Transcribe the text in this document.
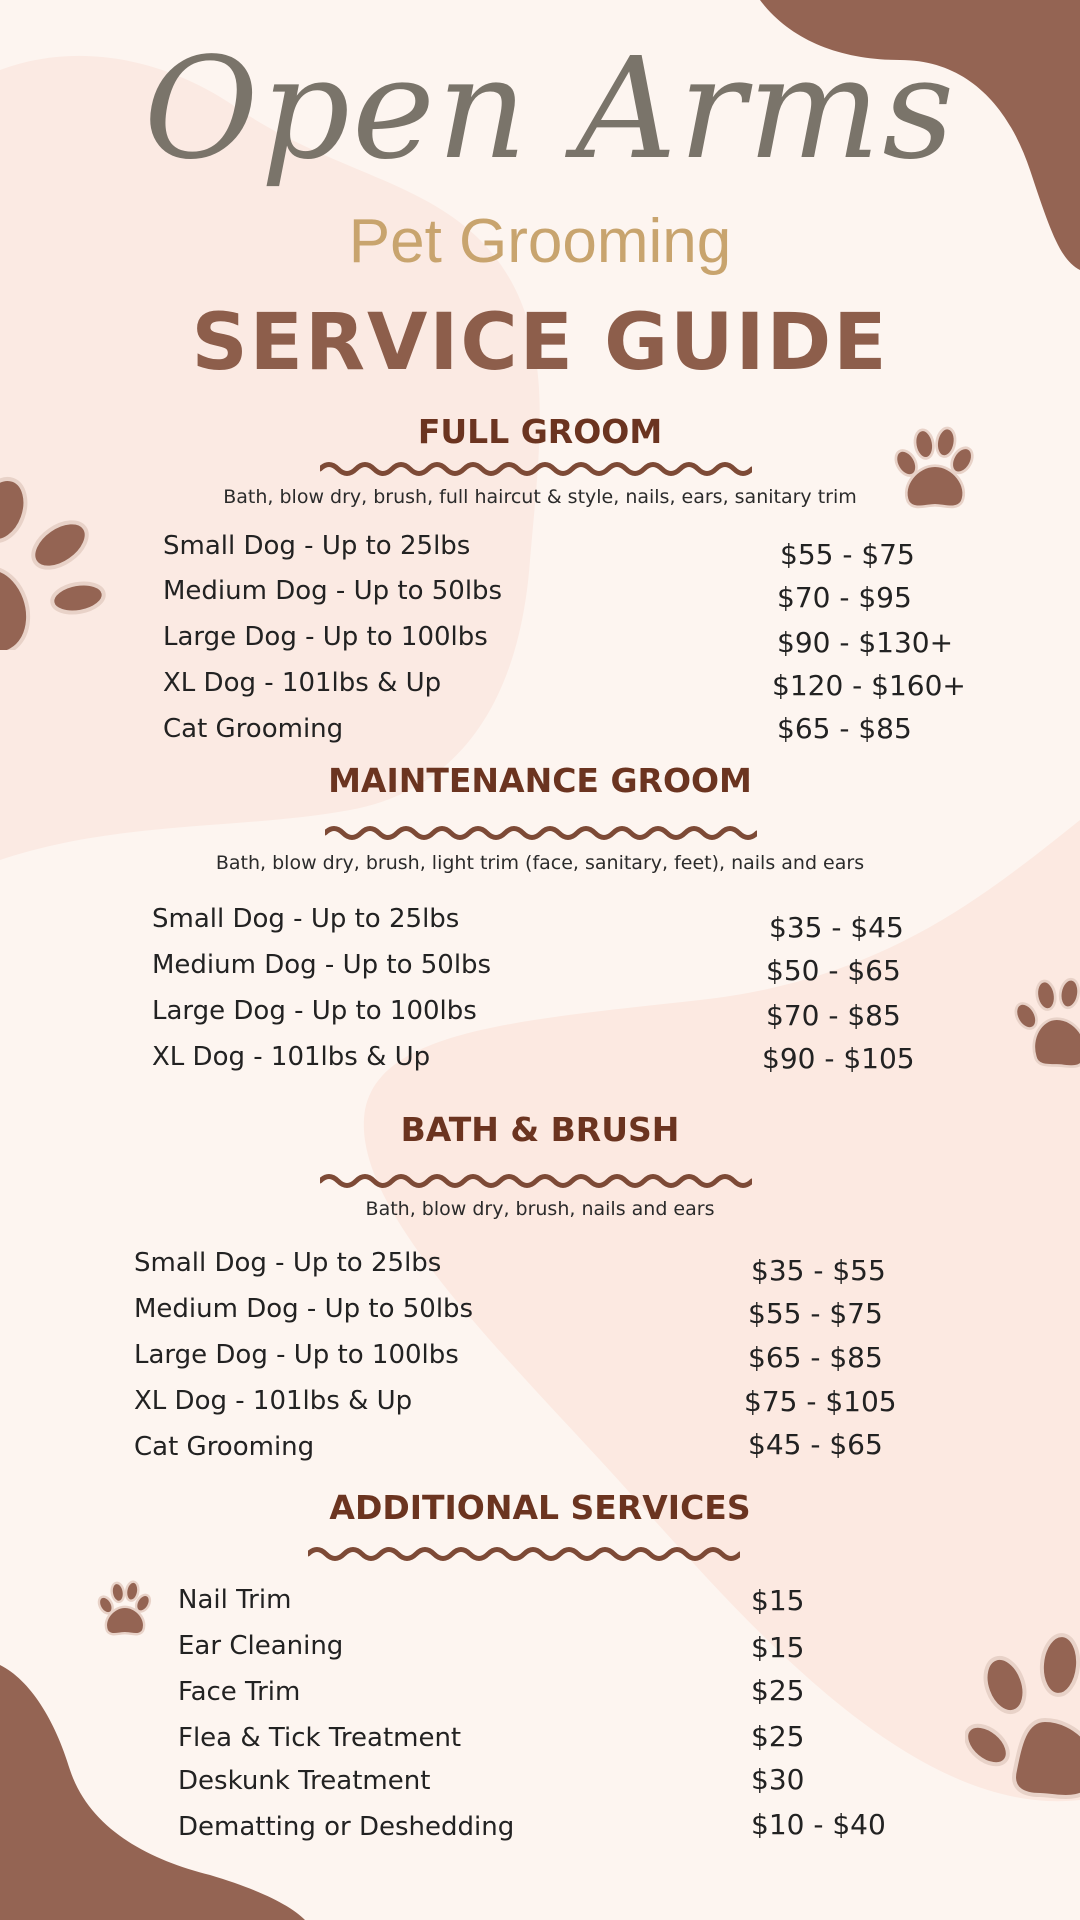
Open Arms
Pet Grooming
SERVICE GUIDE
FULL GROOM
Bath, blow dry, brush, full haircut & style, nails, ears, sanitary trim
Small Dog - Up to 25lbs	$55 - $75
Medium Dog - Up to 50lbs	$70 - $95
Large Dog - Up to 100lbs	$90 - $130+
XL Dog - 101lbs & Up	$120 - $160+
Cat Grooming	$65 - $85
MAINTENANCE GROOM
Bath, blow dry, brush, light trim (face, sanitary, feet), nails and ears
Small Dog - Up to 25lbs	$35 - $45
Medium Dog - Up to 50lbs	$50 - $65
Large Dog - Up to 100lbs	$70 - $85
XL Dog - 101lbs & Up	$90 - $105
BATH & BRUSH
Bath, blow dry, brush, nails and ears
Small Dog - Up to 25lbs	$35 - $55
Medium Dog - Up to 50lbs	$55 - $75
Large Dog - Up to 100lbs	$65 - $85
XL Dog - 101lbs & Up	$75 - $105
Cat Grooming	$45 - $65
ADDITIONAL SERVICES
Nail Trim	$15
Ear Cleaning	$15
Face Trim	$25
Flea & Tick Treatment	$25
Deskunk Treatment	$30
Dematting or Deshedding	$10 - $40
